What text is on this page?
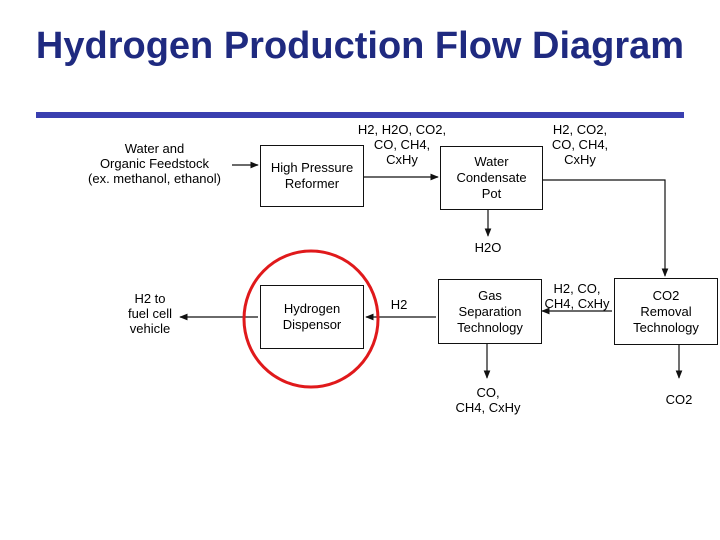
Hydrogen Production Flow Diagram
High Pressure
Reformer
Water
Condensate
Pot
Gas
Separation
Technology
CO2
Removal
Technology
Hydrogen
Dispensor
Water and
Organic Feedstock
(ex. methanol, ethanol)
H2, H2O, CO2,
CO, CH4,
CxHy
H2, CO2,
CO, CH4,
CxHy
H2O
H2, CO,
CH4, CxHy
CO2
CO,
CH4, CxHy
H2
H2 to
fuel cell
vehicle
